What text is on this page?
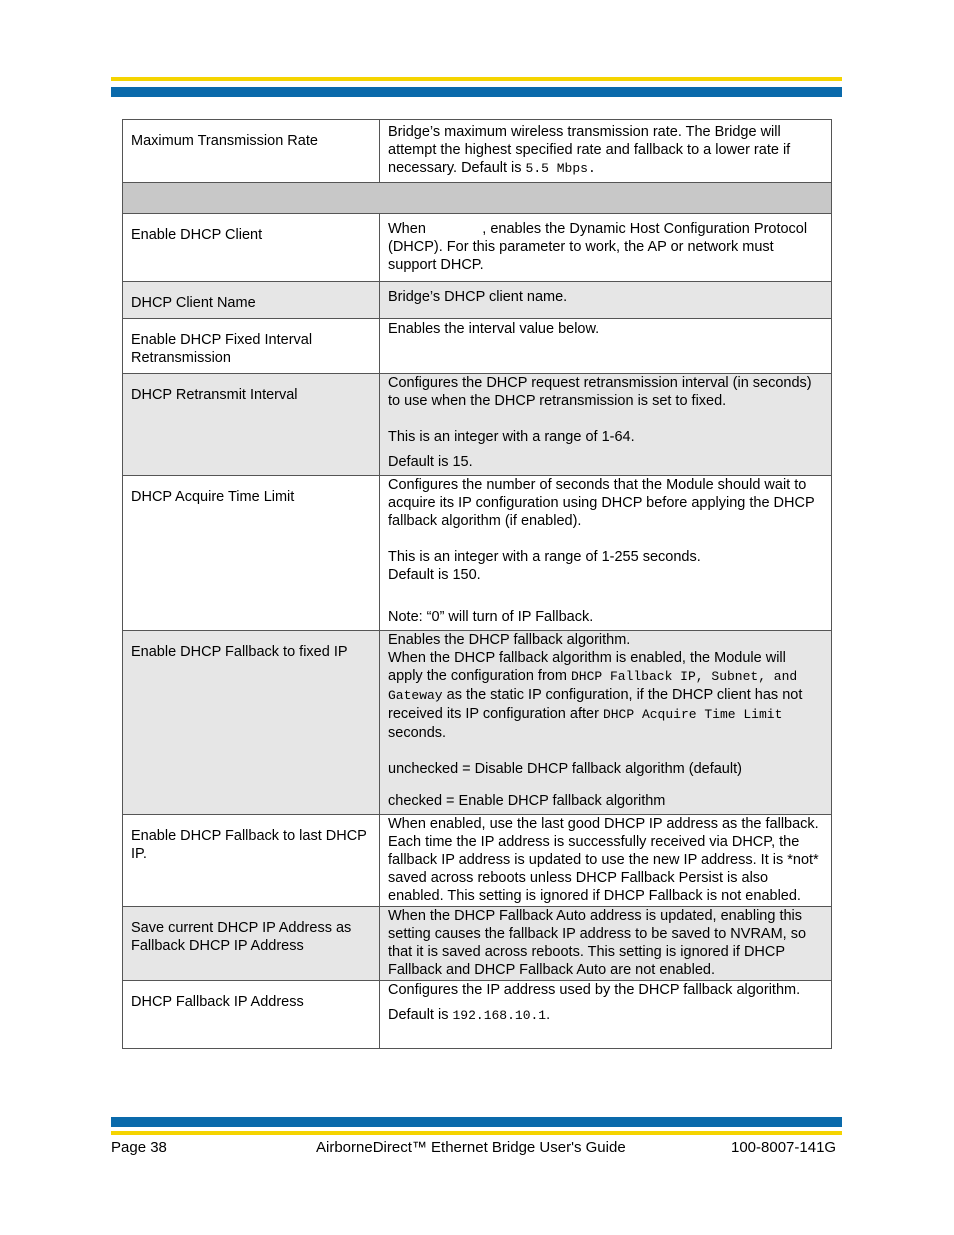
Maximum Transmission Rate	Bridge’s maximum wireless transmission rate. The Bridge will attempt the highest specified rate and fallback to a lower rate if necessary. Default is 5.5 Mbps.

Enable DHCP Client	When              , enables the Dynamic Host Configuration Protocol (DHCP). For this parameter to work, the AP or network must support DHCP.

DHCP Client Name	Bridge’s DHCP client name.

Enable DHCP Fixed Interval Retransmission	Enables the interval value below.

DHCP Retransmit Interval	Configures the DHCP request retransmission interval (in seconds) to use when the DHCP retransmission is set to fixed.

This is an integer with a range of 1-64.

Default is 15.

DHCP Acquire Time Limit	Configures the number of seconds that the Module should wait to acquire its IP configuration using DHCP before applying the DHCP fallback algorithm (if enabled).

This is an integer with a range of 1-255 seconds.

Default is 150.

Note: “0” will turn of IP Fallback.

Enable DHCP Fallback to fixed IP	Enables the DHCP fallback algorithm.

When the DHCP fallback algorithm is enabled, the Module will apply the configuration from DHCP Fallback IP, Subnet, and Gateway as the static IP configuration, if the DHCP client has not received its IP configuration after DHCP Acquire Time Limit seconds.

unchecked = Disable DHCP fallback algorithm (default)

checked = Enable DHCP fallback algorithm

Enable DHCP Fallback to last DHCP IP.	When enabled, use the last good DHCP IP address as the fallback. Each time the IP address is successfully received via DHCP, the fallback IP address is updated to use the new IP address. It is *not* saved across reboots unless DHCP Fallback Persist is also enabled. This setting is ignored if DHCP Fallback is not enabled.

Save current DHCP IP Address as Fallback DHCP IP Address	When the DHCP Fallback Auto address is updated, enabling this setting causes the fallback IP address to be saved to NVRAM, so that it is saved across reboots. This setting is ignored if DHCP Fallback and DHCP Fallback Auto are not enabled.

DHCP Fallback IP Address	Configures the IP address used by the DHCP fallback algorithm.

Default is 192.168.10.1.

Page 38	AirborneDirect™ Ethernet Bridge User's Guide	100-8007-141G
